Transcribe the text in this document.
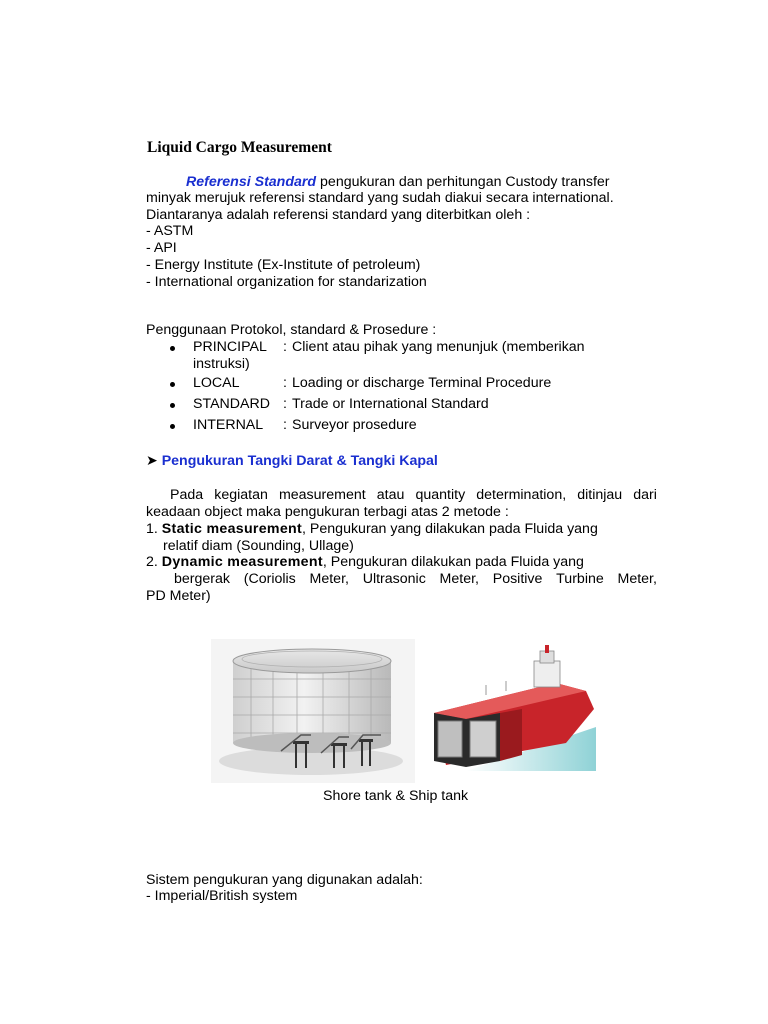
Liquid Cargo Measurement
Referensi Standard pengukuran dan perhitungan Custody transfer
minyak merujuk referensi standard yang sudah diakui secara international.
Diantaranya adalah referensi standard yang diterbitkan oleh :
- ASTM
- API
- Energy Institute (Ex-Institute of petroleum)
- International organization for standarization
Penggunaan Protokol, standard & Prosedure :
PRINCIPAL : Client atau pihak yang menunjuk (memberikan
instruksi)
LOCAL	: Loading or discharge Terminal Procedure
STANDARD : Trade or International Standard
INTERNAL : Surveyor prosedure
➤ Pengukuran Tangki Darat & Tangki Kapal
Pada kegiatan measurement atau quantity determination, ditinjau dari
keadaan object maka pengukuran terbagi atas 2 metode :
1. Static measurement, Pengukuran yang dilakukan pada Fluida yang
relatif diam (Sounding, Ullage)
2. Dynamic measurement, Pengukuran dilakukan pada Fluida yang
bergerak (Coriolis Meter, Ultrasonic Meter, Positive Turbine Meter,
PD Meter)
Shore tank & Ship tank
Sistem pengukuran yang digunakan adalah:
- Imperial/British system
